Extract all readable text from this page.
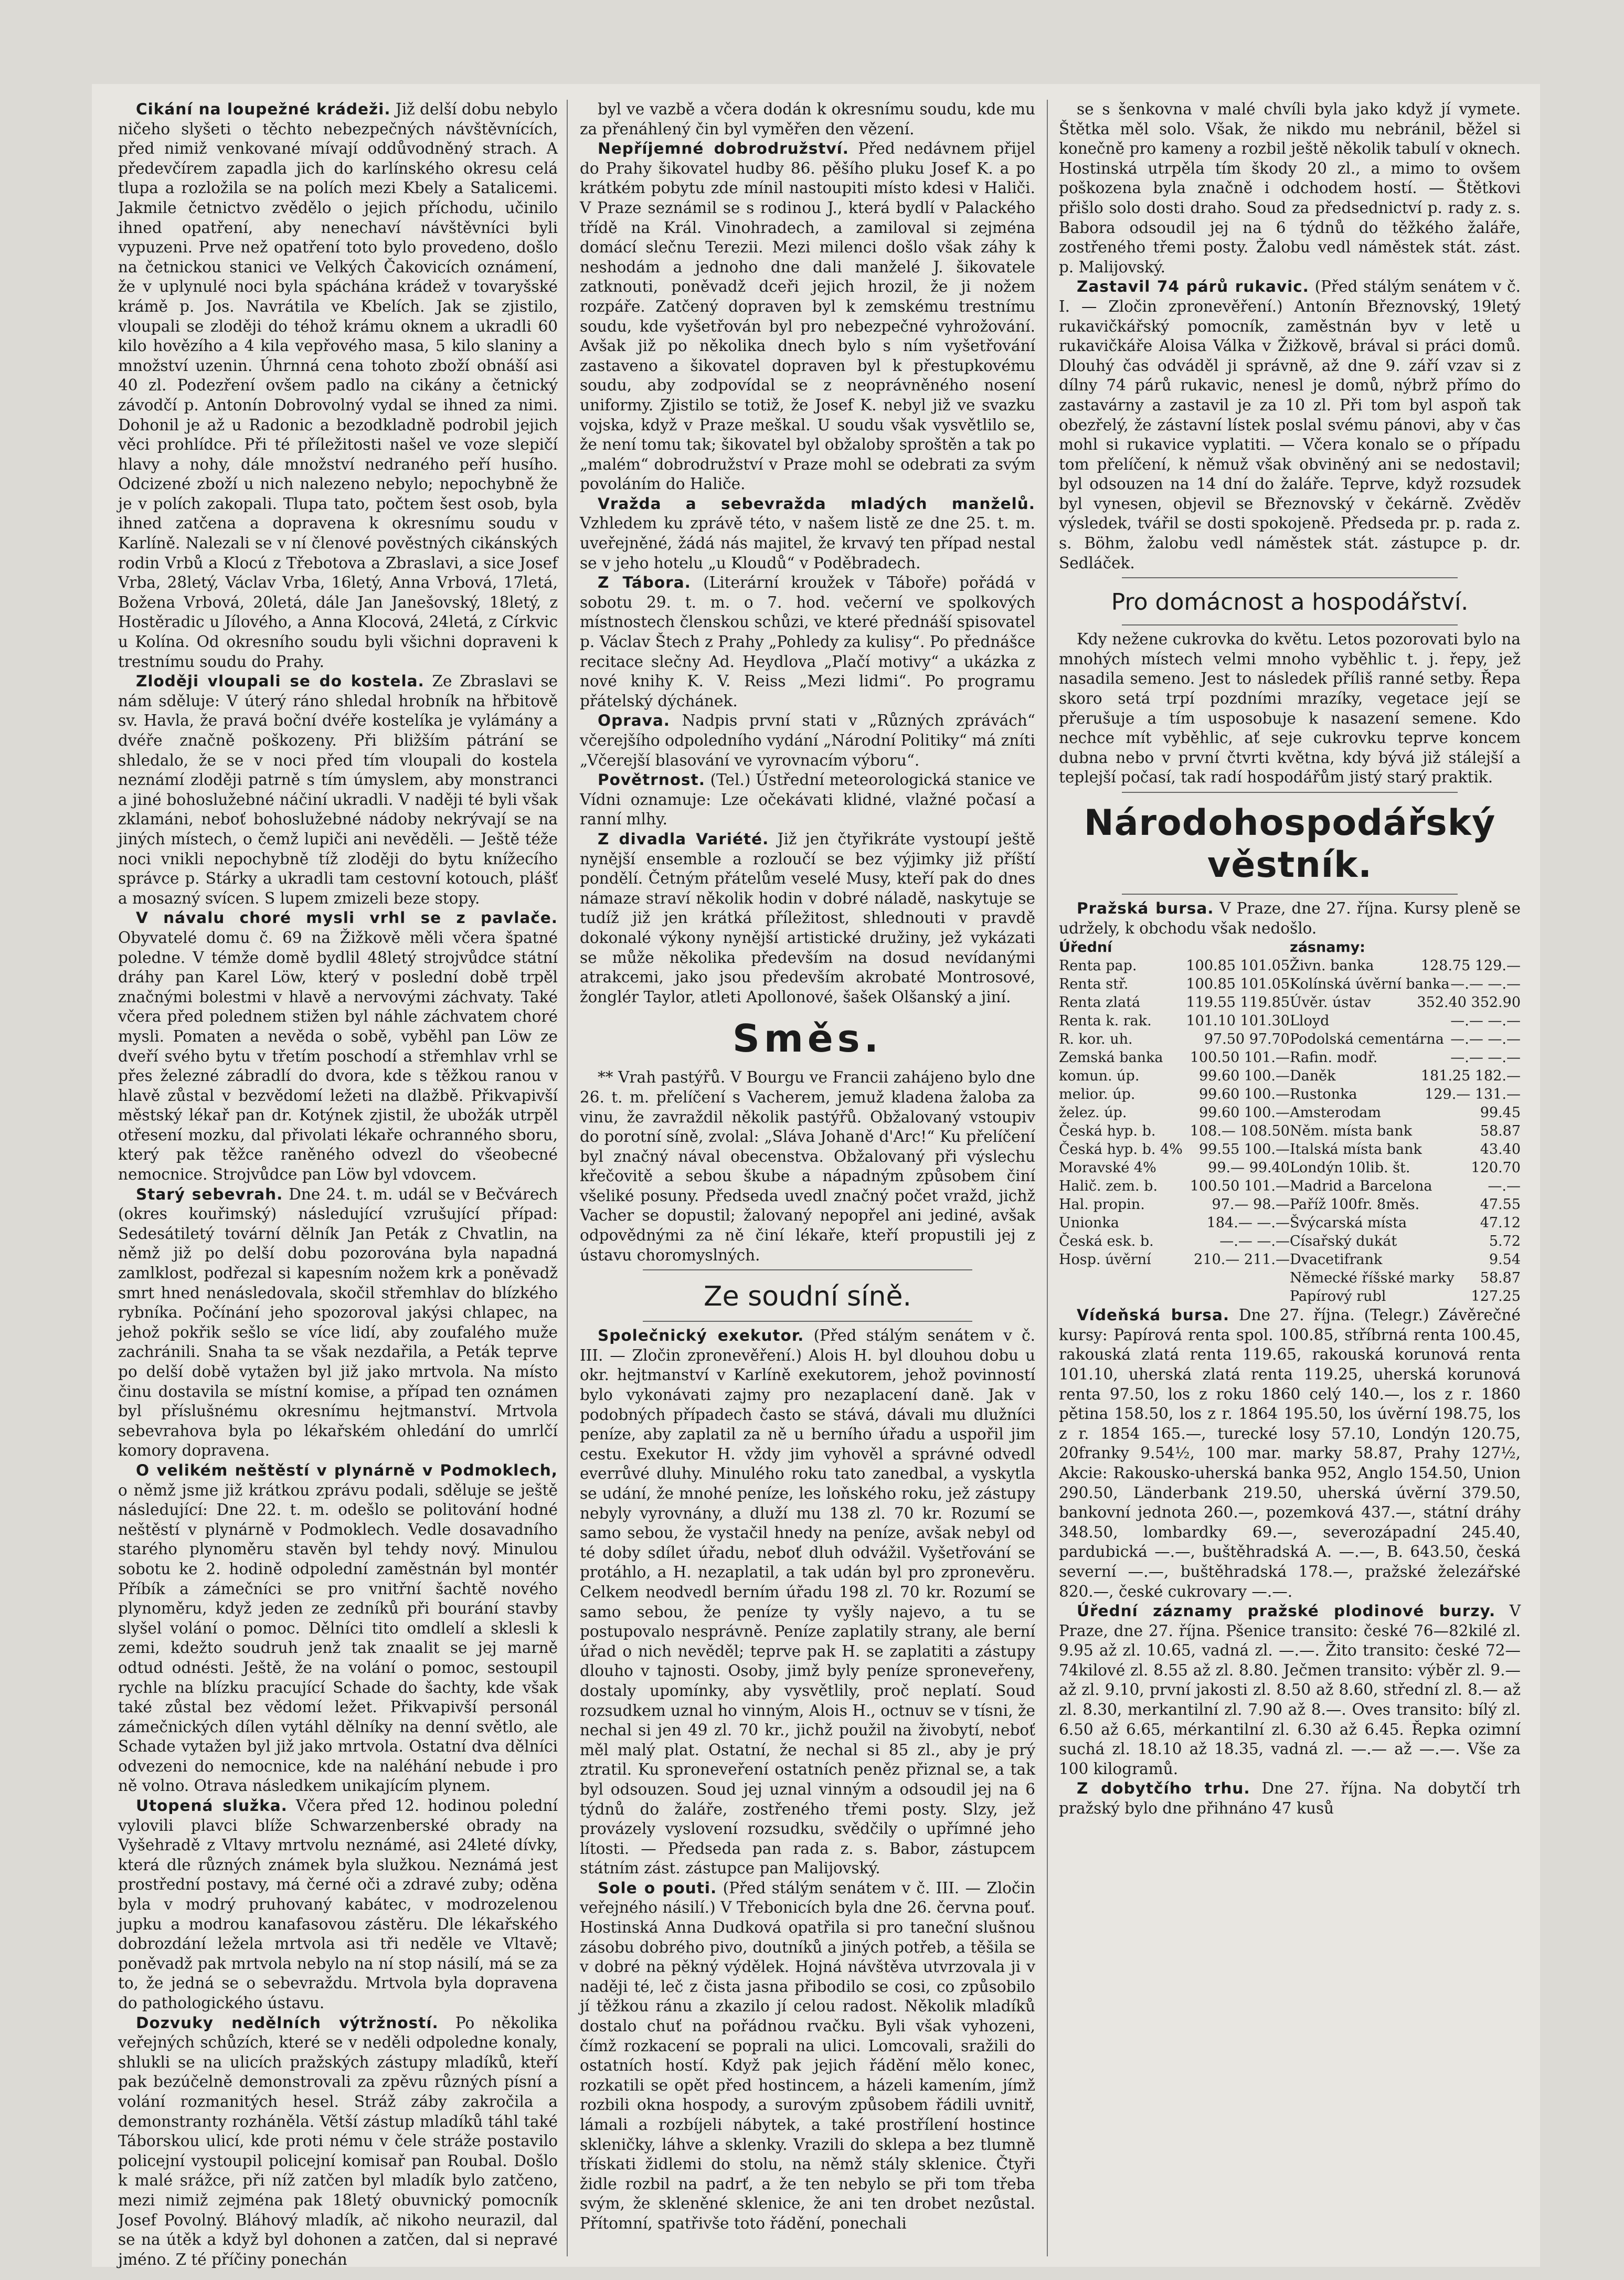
Cikání na loupežné krádeži. Již delší dobu nebylo ničeho slyšeti o těchto nebezpečných návštěvnících, před nimiž venkované mívají oddůvodněný strach. A předevčírem zapadla jich do karlínského okresu celá tlupa a rozložila se na polích mezi Kbely a Satalicemi. Jakmile četnictvo zvědělo o jejich příchodu, učinilo ihned opatření, aby nenechaví návštěvníci byli vypuzeni. Prve než opatření toto bylo provedeno, došlo na četnickou stanici ve Velkých Čakovicích oznámení, že v uplynulé noci byla spáchána krádež v tovaryšské krámě p. Jos. Navrátila ve Kbelích. Jak se zjistilo, vloupali se zloději do téhož krámu oknem a ukradli 60 kilo hovězího a 4 kila vepřového masa, 5 kilo slaniny a množství uzenin. Úhrnná cena tohoto zboží obnáší asi 40 zl. Podezření ovšem padlo na cikány a četnický závodčí p. Antonín Dobrovolný vydal se ihned za nimi. Dohonil je až u Radonic a bezodkladně podrobil jejich věci prohlídce. Při té příležitosti našel ve voze slepičí hlavy a nohy, dále množství nedraného peří husího. Odcizené zboží u nich nalezeno nebylo; nepochybně že je v polích zakopali. Tlupa tato, počtem šest osob, byla ihned zatčena a dopravena k okresnímu soudu v Karlíně. Nalezali se v ní členové pověstných cikánských rodin Vrbů a Klocú z Třebotova a Zbraslavi, a sice Josef Vrba, 28letý, Václav Vrba, 16letý, Anna Vrbová, 17letá, Božena Vrbová, 20letá, dále Jan Janešovský, 18letý, z Hostěradic u Jílového, a Anna Klocová, 24letá, z Církvic u Kolína. Od okresního soudu byli všichni dopraveni k trestnímu soudu do Prahy.

Zloději vloupali se do kostela. Ze Zbraslavi se nám sděluje: V úterý ráno shledal hrobník na hřbitově sv. Havla, že pravá boční dvéře kostelíka je vylámány a dvéře značně poškozeny. Při bližším pátrání se shledalo, že se v noci před tím vloupali do kostela neznámí zloději patrně s tím úmyslem, aby monstranci a jiné bohoslužebné náčiní ukradli. V naději té byli však zklamáni, neboť bohoslužebné nádoby nekrývají se na jiných místech, o čemž lupiči ani nevěděli. — Ještě téže noci vnikli nepochybně tíž zloději do bytu knížecího správce p. Stárky a ukradli tam cestovní kotouch, plášť a mosazný svícen. S lupem zmizeli beze stopy.

V návalu choré mysli vrhl se z pavlače. Obyvatelé domu č. 69 na Žižkově měli včera špatné poledne. V témže domě bydlil 48letý strojvůdce státní dráhy pan Karel Löw, který v poslední době trpěl značnými bolestmi v hlavě a nervovými záchvaty. Také včera před polednem stižen byl náhle záchvatem choré mysli. Pomaten a nevěda o sobě, vyběhl pan Löw ze dveří svého bytu v třetím poschodí a střemhlav vrhl se přes železné zábradlí do dvora, kde s těžkou ranou v hlavě zůstal v bezvědomí ležeti na dlažbě. Přikvapivší městský lékař pan dr. Kotýnek zjistil, že ubožák utrpěl otřesení mozku, dal přivolati lékaře ochranného sboru, který pak těžce raněného odvezl do všeobecné nemocnice. Strojvůdce pan Löw byl vdovcem.

Starý sebevrah. Dne 24. t. m. udál se v Bečvárech (okres kouřimský) následující vzrušující případ: Sedesátiletý tovární dělník Jan Peták z Chvatlin, na němž již po delší dobu pozorována byla napadná zamlklost, podřezal si kapesním nožem krk a poněvadž smrt hned nenásledovala, skočil střemhlav do blízkého rybníka. Počínání jeho spozoroval jakýsi chlapec, na jehož pokřik sešlo se více lidí, aby zoufalého muže zachránili. Snaha ta se však nezdařila, a Peták teprve po delší době vytažen byl již jako mrtvola. Na místo činu dostavila se místní komise, a případ ten oznámen byl příslušnému okresnímu hejtmanství. Mrtvola sebevrahova byla po lékařském ohledání do umrlčí komory dopravena.

O velikém neštěstí v plynárně v Podmoklech, o němž jsme již krátkou zprávu podali, sděluje se ještě následující: Dne 22. t. m. odešlo se politování hodné neštěstí v plynárně v Podmoklech. Vedle dosavadního starého plynoměru stavěn byl tehdy nový. Minulou sobotu ke 2. hodině odpolední zaměstnán byl montér Příbík a zámečníci se pro vnitřní šachtě nového plynoměru, když jeden ze zedníků při bourání stavby slyšel volání o pomoc. Dělníci tito omdlelí a sklesli k zemi, kdežto soudruh jenž tak znaalit se jej marně odtud odnésti. Ještě, že na volání o pomoc, sestoupil rychle na blízku pracující Schade do šachty, kde však také zůstal bez vědomí ležet. Přikvapivší personál zámečnických dílen vytáhl dělníky na denní světlo, ale Schade vytažen byl již jako mrtvola. Ostatní dva dělníci odvezeni do nemocnice, kde na naléhání nebude i pro ně volno. Otrava následkem unikajícím plynem.

Utopená služka. Včera před 12. hodinou polední vylovili plavci blíže Schwarzenberské obrady na Vyšehradě z Vltavy mrtvolu neznámé, asi 24leté dívky, která dle různých známek byla služkou. Neznámá jest prostřední postavy, má černé oči a zdravé zuby; oděna byla v modrý pruhovaný kabátec, v modrozelenou jupku a modrou kanafasovou zástěru. Dle lékařského dobrozdání ležela mrtvola asi tři neděle ve Vltavě; poněvadž pak mrtvola nebylo na ní stop násilí, má se za to, že jedná se o sebevraždu. Mrtvola byla dopravena do pathologického ústavu.

Dozvuky nedělních výtržností. Po několika veřejných schůzích, které se v neděli odpoledne konaly, shlukli se na ulicích pražských zástupy mladíků, kteří pak bezúčelně demonstrovali za zpěvu různých písní a volání rozmanitých hesel. Stráž záby zakročila a demonstranty rozháněla. Větší zástup mladíků táhl také Táborskou ulicí, kde proti nému v čele stráže postavilo policejní vystoupil policejní komisař pan Roubal. Došlo k malé srážce, při níž zatčen byl mladík bylo zatčeno, mezi nimiž zejména pak 18letý obuvnický pomocník Josef Povolný. Bláhový mladík, ač nikoho neurazil, dal se na útěk a když byl dohonen a zatčen, dal si nepravé jméno. Z té příčiny ponechán

byl ve vazbě a včera dodán k okresnímu soudu, kde mu za přenáhlený čin byl vyměřen den vězení.

Nepříjemné dobrodružství. Před nedávnem přijel do Prahy šikovatel hudby 86. pěšího pluku Josef K. a po krátkém pobytu zde mínil nastoupiti místo kdesi v Haliči. V Praze seznámil se s rodinou J., která bydlí v Palackého třídě na Král. Vinohradech, a zamiloval si zejména domácí slečnu Terezii. Mezi milenci došlo však záhy k neshodám a jednoho dne dali manželé J. šikovatele zatknouti, poněvadž dceři jejich hrozil, že ji nožem rozpáře. Zatčený dopraven byl k zemskému trestnímu soudu, kde vyšetřován byl pro nebezpečné vyhrožování. Avšak již po několika dnech bylo s ním vyšetřování zastaveno a šikovatel dopraven byl k přestupkovému soudu, aby zodpovídal se z neoprávněného nosení uniformy. Zjistilo se totiž, že Josef K. nebyl již ve svazku vojska, když v Praze meškal. U soudu však vysvětlilo se, že není tomu tak; šikovatel byl obžaloby sproštěn a tak po „malém“ dobrodružství v Praze mohl se odebrati za svým povoláním do Haliče.

Vražda a sebevražda mladých manželů. Vzhledem ku zprávě této, v našem listě ze dne 25. t. m. uveřejněné, žádá nás majitel, že krvavý ten případ nestal se v jeho hotelu „u Kloudů“ v Poděbradech.

Z Tábora. (Literární kroužek v Táboře) pořádá v sobotu 29. t. m. o 7. hod. večerní ve spolkových místnostech členskou schůzi, ve které přednáší spisovatel p. Václav Štech z Prahy „Pohledy za kulisy“. Po přednášce recitace slečny Ad. Heydlova „Plačí motivy“ a ukázka z nové knihy K. V. Reiss „Mezi lidmi“. Po programu přátelský dýchánek.

Oprava. Nadpis první stati v „Různých zprávách“ včerejšího odpoledního vydání „Národní Politiky“ má zníti „Včerejší blasování ve vyrovnacím výboru“.

Povětrnost. (Tel.) Ústřední meteorologická stanice ve Vídni oznamuje: Lze očekávati klidné, vlažné počasí a ranní mlhy.

Z divadla Variété. Již jen čtyřikráte vystoupí ještě nynější ensemble a rozloučí se bez výjimky již příští pondělí. Četným přátelům veselé Musy, kteří pak do dnes námaze straví několik hodin v dobré náladě, naskytuje se tudíž již jen krátká příležitost, shlednouti v pravdě dokonalé výkony nynější artistické družiny, jež vykázati se může několika především na dosud nevídanými atrakcemi, jako jsou především akrobaté Montrosové, žonglér Taylor, atleti Apollonové, šašek Olšanský a jiní.

Směs.

** Vrah pastýřů. V Bourgu ve Francii zahájeno bylo dne 26. t. m. přelíčení s Vacherem, jemuž kladena žaloba za vinu, že zavraždil několik pastýřů. Obžalovaný vstoupiv do porotní síně, zvolal: „Sláva Johaně d'Arc!“ Ku přelíčení byl značný nával obecenstva. Obžalovaný při výslechu křečovitě a sebou škube a nápadným způsobem činí všeliké posuny. Předseda uvedl značný počet vražd, jichž Vacher se dopustil; žalovaný nepopřel ani jediné, avšak odpovědnými za ně činí lékaře, kteří propustili jej z ústavu choromyslných.

Ze soudní síně.

Společnický exekutor. (Před stálým senátem v č. III. — Zločin zpronevěření.) Alois H. byl dlouhou dobu u okr. hejtmanství v Karlíně exekutorem, jehož povinností bylo vykonávati zajmy pro nezaplacení daně. Jak v podobných případech často se stává, dávali mu dlužníci peníze, aby zaplatil za ně u berního úřadu a uspořil jim cestu. Exekutor H. vždy jim vyhověl a správné odvedl everrůvé dluhy. Minulého roku tato zanedbal, a vyskytla se udání, že mnohé peníze, les loňského roku, jež zástupy nebyly vyrovnány, a dluží mu 138 zl. 70 kr. Rozumí se samo sebou, že vystačil hnedy na peníze, avšak nebyl od té doby sdílet úřadu, neboť dluh odvážil. Vyšetřování se protáhlo, a H. nezaplatil, a tak udán byl pro zpronevěru. Celkem neodvedl berním úřadu 198 zl. 70 kr. Rozumí se samo sebou, že peníze ty vyšly najevo, a tu se postupovalo nesprávně. Peníze zaplatily strany, ale berní úřad o nich nevěděl; teprve pak H. se zaplatiti a zástupy dlouho v tajnosti. Osoby, jimž byly peníze sproneveřeny, dostaly upomínky, aby vysvětlily, proč neplatí. Soud rozsudkem uznal ho vinným, Alois H., octnuv se v tísni, že nechal si jen 49 zl. 70 kr., jichž použil na živobytí, neboť měl malý plat. Ostatní, že nechal si 85 zl., aby je prý ztratil. Ku sproneveření ostatních peněz přiznal se, a tak byl odsouzen. Soud jej uznal vinným a odsoudil jej na 6 týdnů do žaláře, zostřeného třemi posty. Slzy, jež provázely vyslovení rozsudku, svědčily o upřímné jeho lítosti. — Předseda pan rada z. s. Babor, zástupcem státním zást. zástupce pan Malijovský.

Sole o pouti. (Před stálým senátem v č. III. — Zločin veřejného násilí.) V Třebonicích byla dne 26. června pouť. Hostinská Anna Dudková opatřila si pro taneční slušnou zásobu dobrého pivo, doutníků a jiných potřeb, a těšila se v dobré na pěkný výdělek. Hojná návštěva utvrzovala ji v naději té, leč z čista jasna přibodilo se cosi, co způsobilo jí těžkou ránu a zkazilo jí celou radost. Několik mladíků dostalo chuť na pořádnou rvačku. Byli však vyhozeni, čímž rozkacení se poprali na ulici. Lomcovali, sražili do ostatních hostí. Když pak jejich řádění mělo konec, rozkatili se opět před hostincem, a házeli kamením, jímž rozbili okna hospody, a surovým způsobem řádili uvnitř, lámali a rozbíjeli nábytek, a také prostřílení hostince skleničky, láhve a sklenky. Vrazili do sklepa a bez tlumně třískati židlemi do stolu, na němž stály sklenice. Čtyři židle rozbil na padrť, a že ten nebylo se při tom třeba svým, že skleněné sklenice, že ani ten drobet nezůstal. Přítomní, spatřivše toto řádění, ponechali

se s šenkovna v malé chvíli byla jako když jí vymete. Štětka měl solo. Však, že nikdo mu nebránil, běžel si konečně pro kameny a rozbil ještě několik tabulí v oknech. Hostinská utrpěla tím škody 20 zl., a mimo to ovšem poškozena byla značně i odchodem hostí. — Štětkovi přišlo solo dosti draho. Soud za předsednictví p. rady z. s. Babora odsoudil jej na 6 týdnů do těžkého žaláře, zostřeného třemi posty. Žalobu vedl náměstek stát. zást. p. Malijovský.

Zastavil 74 párů rukavic. (Před stálým senátem v č. I. — Zločin zpronevěření.) Antonín Březnovský, 19letý rukavičkářský pomocník, zaměstnán byv v letě u rukavičkáře Aloisa Válka v Žižkově, brával si práci domů. Dlouhý čas odváděl ji správně, až dne 9. září vzav si z dílny 74 párů rukavic, nenesl je domů, nýbrž přímo do zastavárny a zastavil je za 10 zl. Při tom byl aspoň tak obezřelý, že zástavní lístek poslal svému pánovi, aby v čas mohl si rukavice vyplatiti. — Včera konalo se o případu tom přelíčení, k němuž však obviněný ani se nedostavil; byl odsouzen na 14 dní do žaláře. Teprve, když rozsudek byl vynesen, objevil se Březnovský v čekárně. Zvěděv výsledek, tvářil se dosti spokojeně. Předseda pr. p. rada z. s. Böhm, žalobu vedl náměstek stát. zástupce p. dr. Sedláček.

Pro domácnost a hospodářství.

Kdy nežene cukrovka do květu. Letos pozorovati bylo na mnohých místech velmi mnoho vyběhlic t. j. řepy, jež nasadila semeno. Jest to následek příliš ranné setby. Řepa skoro setá trpí pozdními mrazíky, vegetace její se přerušuje a tím usposobuje k nasazení semene. Kdo nechce mít vyběhlic, ať seje cukrovku teprve koncem dubna nebo v první čtvrti května, kdy bývá již stálejší a teplejší počasí, tak radí hospodářům jistý starý praktik.

Národohospodářský věstník.

Pražská bursa. V Praze, dne 27. října. Kursy pleně se udržely, k obchodu však nedošlo.

Úřední	zásnamy:
Renta pap.	100.85 101.05 Živn. banka	128.75 129.—
Renta stř.	100.85 101.05 Kolínská úvěrní banka —.— —.—
Renta zlatá	119.55 119.85 Úvěr. ústav	352.40 352.90
Renta k. rak.	101.10 101.30 Lloyd	—.— —.—
R. kor. uh.	97.50 97.70 Podolská cementárna —.— —.—
Zemská banka	100.50 101.— Rafin. modř.	—.— —.—
komun. úp.	99.60 100.— Daněk	181.25 182.—
melior. úp.	99.60 100.— Rustonka	129.— 131.—
želez. úp.	99.60 100.— Amsterodam	99.45
Česká hyp. b.	108.— 108.50 Něm. místa bank	58.87
Česká hyp. b. 4%	99.55 100.— Italská místa bank	43.40
Moravské 4%	99.— 99.40 Londýn 10lib. št.	120.70
Halič. zem. b.	100.50 101.— Madrid a Barcelona	—.—
Hal. propin.	97.— 98.— Paříž 100fr. 8měs.	47.55
Unionka	184.— —.— Švýcarská místa	47.12
Česká esk. b.	—.— —.— Císařský dukát	5.72
Hosp. úvěrní	210.— 211.— Dvacetifrank	9.54
Německé říšské marky	58.87
Papírový rubl	127.25

Vídeňská bursa. Dne 27. října. (Telegr.) Závěrečné kursy: Papírová renta spol. 100.85, stříbrná renta 100.45, rakouská zlatá renta 119.65, rakouská korunová renta 101.10, uherská zlatá renta 119.25, uherská korunová renta 97.50, los z roku 1860 celý 140.—, los z r. 1860 pětina 158.50, los z r. 1864 195.50, los úvěrní 198.75, los z r. 1854 165.—, turecké losy 57.10, Londýn 120.75, 20franky 9.54½, 100 mar. marky 58.87, Prahy 127½, Akcie: Rakousko-uherská banka 952, Anglo 154.50, Union 290.50, Länderbank 219.50, uherská úvěrní 379.50, bankovní jednota 260.—, pozemková 437.—, státní dráhy 348.50, lombardky 69.—, severozápadní 245.40, pardubická —.—, buštěhradská A. —.—, B. 643.50, česká severní —.—, buštěhradská 178.—, pražské železářské 820.—, české cukrovary —.—.

Úřední záznamy pražské plodinové burzy. V Praze, dne 27. října. Pšenice transito: české 76—82kilé zl. 9.95 až zl. 10.65, vadná zl. —.—. Žito transito: české 72—74kilové zl. 8.55 až zl. 8.80. Ječmen transito: výběr zl. 9.— až zl. 9.10, první jakosti zl. 8.50 až 8.60, střední zl. 8.— až zl. 8.30, merkantilní zl. 7.90 až 8.—. Oves transito: bílý zl. 6.50 až 6.65, mérkantilní zl. 6.30 až 6.45. Řepka ozimní suchá zl. 18.10 až 18.35, vadná zl. —.— až —.—. Vše za 100 kilogramů.

Z dobytčího trhu. Dne 27. října. Na dobytčí trh pražský bylo dne přihnáno 47 kusů
